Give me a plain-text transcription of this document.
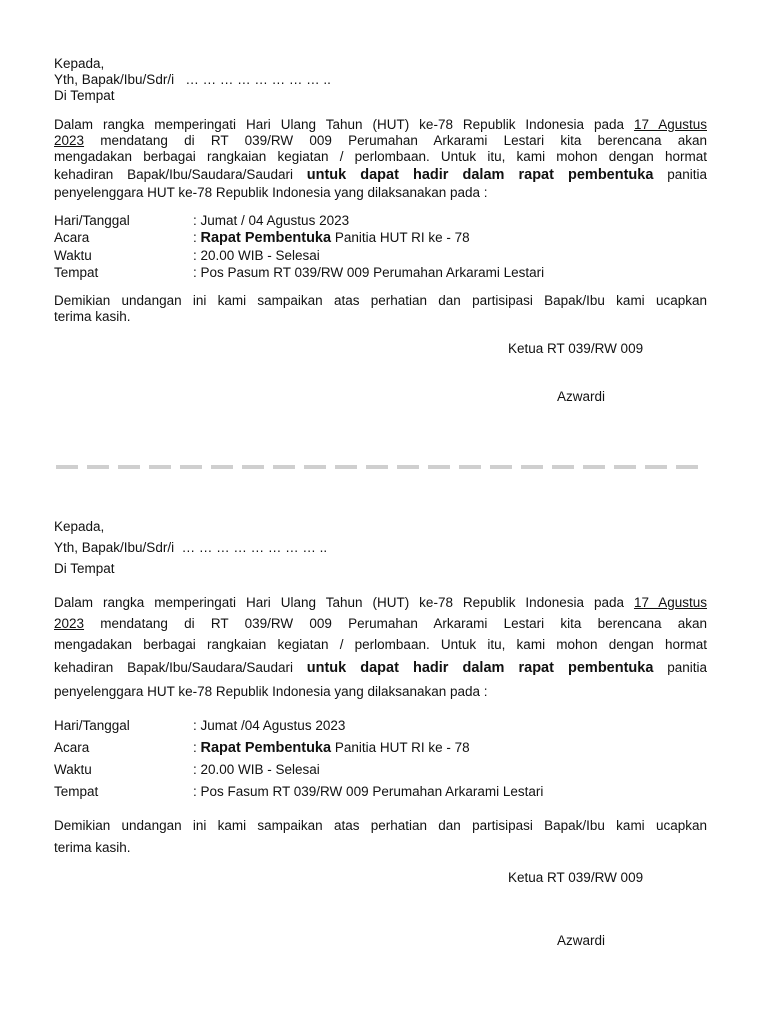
Kepada,
Yth, Bapak/Ibu/Sdr/i … … … … … … … … ..
Di Tempat
Dalam rangka memperingati Hari Ulang Tahun (HUT) ke-78 Republik Indonesia pada 17 Agustus
2023 mendatang di RT 039/RW 009 Perumahan Arkarami Lestari kita berencana akan
mengadakan berbagai rangkaian kegiatan / perlombaan. Untuk itu, kami mohon dengan hormat
kehadiran Bapak/Ibu/Saudara/Saudari untuk dapat hadir dalam rapat pembentuka panitia
penyelenggara HUT ke-78 Republik Indonesia yang dilaksanakan pada :
Hari/Tanggal	: Jumat / 04 Agustus 2023
Acara	: Rapat Pembentuka Panitia HUT RI ke - 78
Waktu	: 20.00 WIB - Selesai
Tempat	: Pos Pasum RT 039/RW 009 Perumahan Arkarami Lestari
Demikian undangan ini kami sampaikan atas perhatian dan partisipasi Bapak/Ibu kami ucapkan
terima kasih.
Ketua RT 039/RW 009
Azwardi
Kepada,
Yth, Bapak/Ibu/Sdr/i … … … … … … … … ..
Di Tempat
Dalam rangka memperingati Hari Ulang Tahun (HUT) ke-78 Republik Indonesia pada 17 Agustus
2023 mendatang di RT 039/RW 009 Perumahan Arkarami Lestari kita berencana akan
mengadakan berbagai rangkaian kegiatan / perlombaan. Untuk itu, kami mohon dengan hormat
kehadiran Bapak/Ibu/Saudara/Saudari untuk dapat hadir dalam rapat pembentuka panitia
penyelenggara HUT ke-78 Republik Indonesia yang dilaksanakan pada :
Hari/Tanggal	: Jumat /04 Agustus 2023
Acara	: Rapat Pembentuka Panitia HUT RI ke - 78
Waktu	: 20.00 WIB - Selesai
Tempat	: Pos Fasum RT 039/RW 009 Perumahan Arkarami Lestari
Demikian undangan ini kami sampaikan atas perhatian dan partisipasi Bapak/Ibu kami ucapkan
terima kasih.
Ketua RT 039/RW 009
Azwardi
